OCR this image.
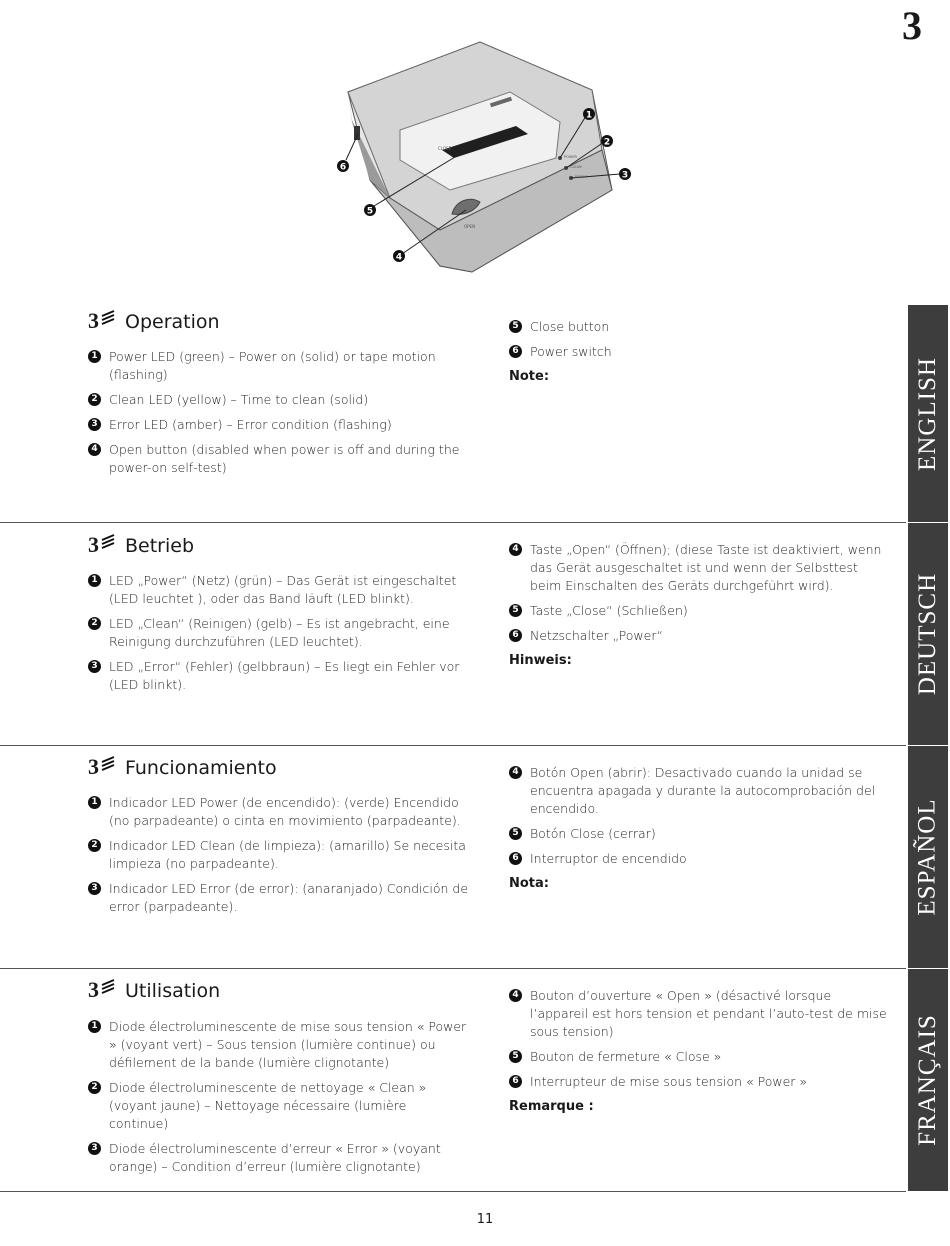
3
1
2
3
4
5
6
CLOSE
OPEN
POWER
CLEAN
ERROR
3 Operation
1 Power LED (green) – Power on (solid) or tape motion (flashing)
2 Clean LED (yellow) – Time to clean (solid)
3 Error LED (amber) – Error condition (flashing)
4 Open button (disabled when power is off and during the power-on self-test)
5 Close button
6 Power switch
Note:	ENGLISH
3 Betrieb
1 LED „Power“ (Netz) (grün) – Das Gerät ist eingeschaltet (LED leuchtet ), oder das Band läuft (LED blinkt).
2 LED „Clean“ (Reinigen) (gelb) – Es ist angebracht, eine Reinigung durchzuführen (LED leuchtet).
3 LED „Error“ (Fehler) (gelbbraun) – Es liegt ein Fehler vor (LED blinkt).
4 Taste „Open“ (Öffnen); (diese Taste ist deaktiviert, wenn das Gerät ausgeschaltet ist und wenn der Selbsttest beim Einschalten des Geräts durchgeführt wird).
5 Taste „Close“ (Schließen)
6 Netzschalter „Power“
Hinweis:	DEUTSCH
3 Funcionamiento
1 Indicador LED Power (de encendido): (verde) Encendido (no parpadeante) o cinta en movimiento (parpadeante).
2 Indicador LED Clean (de limpieza): (amarillo) Se necesita limpieza (no parpadeante).
3 Indicador LED Error (de error): (anaranjado) Condición de error (parpadeante).
4 Botón Open (abrir): Desactivado cuando la unidad se encuentra apagada y durante la autocomprobación del encendido.
5 Botón Close (cerrar)
6 Interruptor de encendido
Nota:	ESPAÑOL
3 Utilisation
1 Diode électroluminescente de mise sous tension « Power » (voyant vert) – Sous tension (lumière continue) ou défilement de la bande (lumière clignotante)
2 Diode électroluminescente de nettoyage « Clean » (voyant jaune) – Nettoyage nécessaire (lumière continue)
3 Diode électroluminescente d’erreur « Error » (voyant orange) – Condition d’erreur (lumière clignotante)
4 Bouton d’ouverture « Open » (désactivé lorsque l’appareil est hors tension et pendant l’auto-test de mise sous tension)
5 Bouton de fermeture « Close »
6 Interrupteur de mise sous tension « Power »
Remarque :	FRANÇAIS
11
